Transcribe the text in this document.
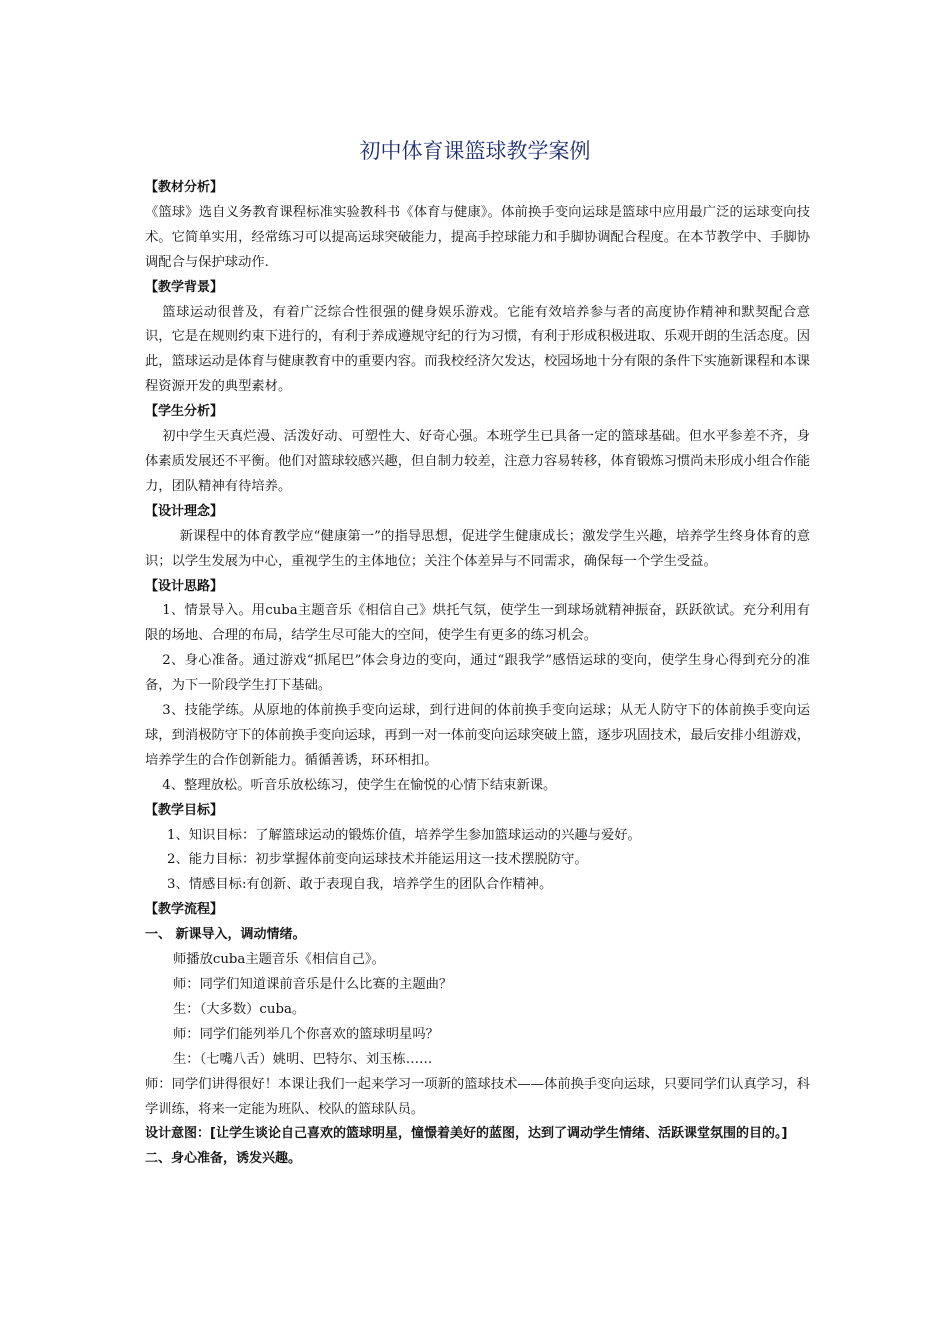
初中体育课篮球教学案例
【教材分析】

《篮球》选自义务教育课程标准实验教科书《体育与健康》。体前换手变向运球是篮球中应用最广泛的运球变向技术。它简单实用，经常练习可以提高运球突破能力，提高手控球能力和手脚协调配合程度。在本节教学中、手脚协调配合与保护球动作.

【教学背景】

篮球运动很普及，有着广泛综合性很强的健身娱乐游戏。它能有效培养参与者的高度协作精神和默契配合意识，它是在规则约束下进行的，有利于养成遵规守纪的行为习惯，有利于形成积极进取、乐观开朗的生活态度。因此，篮球运动是体育与健康教育中的重要内容。而我校经济欠发达，校园场地十分有限的条件下实施新课程和本课程资源开发的典型素材。

【学生分析】

初中学生天真烂漫、活泼好动、可塑性大、好奇心强。本班学生已具备一定的篮球基础。但水平参差不齐，身体素质发展还不平衡。他们对篮球较感兴趣，但自制力较差，注意力容易转移，体育锻炼习惯尚未形成小组合作能力，团队精神有待培养。

【设计理念】

新课程中的体育教学应“健康第一”的指导思想，促进学生健康成长；激发学生兴趣，培养学生终身体育的意识；以学生发展为中心，重视学生的主体地位；关注个体差异与不同需求，确保每一个学生受益。

【设计思路】

1、情景导入。用cuba主题音乐《相信自己》烘托气氛，使学生一到球场就精神振奋，跃跃欲试。充分利用有限的场地、合理的布局，结学生尽可能大的空间，使学生有更多的练习机会。

2、身心准备。通过游戏“抓尾巴”体会身边的变向，通过“跟我学”感悟运球的变向，使学生身心得到充分的准备，为下一阶段学生打下基础。

3、技能学练。从原地的体前换手变向运球，到行进间的体前换手变向运球；从无人防守下的体前换手变向运球，到消极防守下的体前换手变向运球，再到一对一体前变向运球突破上篮，逐步巩固技术，最后安排小组游戏，培养学生的合作创新能力。循循善诱，环环相扣。

4、整理放松。听音乐放松练习，使学生在愉悦的心情下结束新课。

【教学目标】

1、知识目标：了解篮球运动的锻炼价值，培养学生参加篮球运动的兴趣与爱好。

2、能力目标：初步掌握体前变向运球技术并能运用这一技术摆脱防守。

3、情感目标:有创新、敢于表现自我，培养学生的团队合作精神。

【教学流程】
一、 新课导入，调动情绪。

师播放cuba主题音乐《相信自己》。

师：同学们知道课前音乐是什么比赛的主题曲？

生：（大多数）cuba。

师：同学们能列举几个你喜欢的篮球明星吗？

生：（七嘴八舌）姚明、巴特尔、刘玉栋……

师：同学们讲得很好！本课让我们一起来学习一项新的篮球技术——体前换手变向运球，只要同学们认真学习，科学训练，将来一定能为班队、校队的篮球队员。

设计意图：[让学生谈论自己喜欢的篮球明星，憧憬着美好的蓝图，达到了调动学生情绪、活跃课堂氛围的目的。]

二、身心准备，诱发兴趣。
